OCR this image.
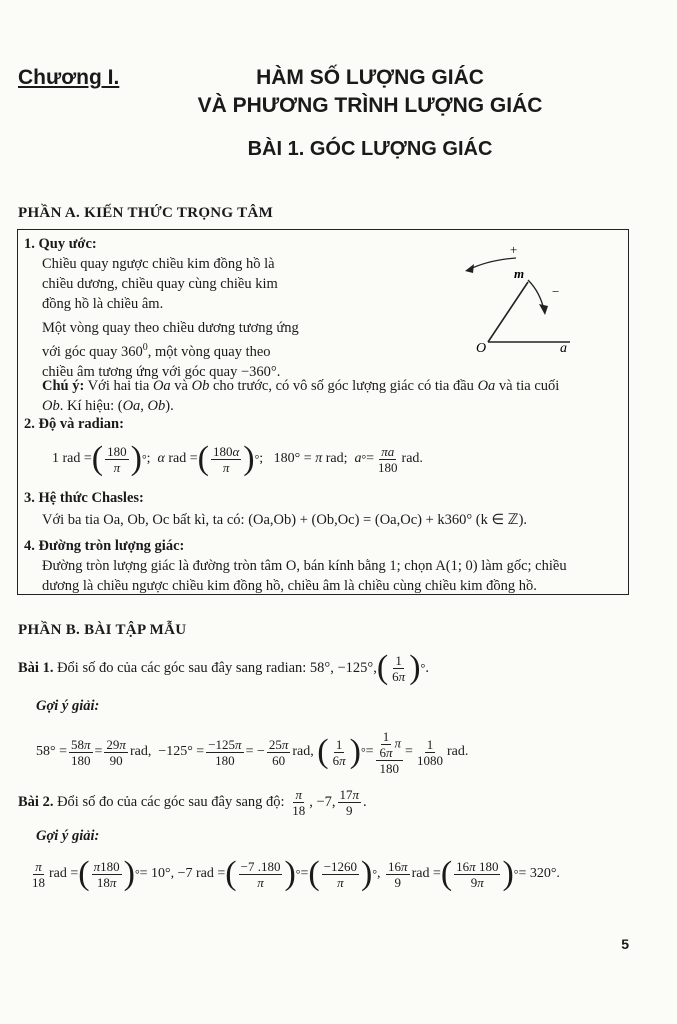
Chương I.	HÀM SỐ LƯỢNG GIÁC
VÀ PHƯƠNG TRÌNH LƯỢNG GIÁC
BÀI 1. GÓC LƯỢNG GIÁC
PHẦN A. KIẾN THỨC TRỌNG TÂM
1. Quy ước:
Chiều quay ngược chiều kim đồng hồ là
chiều dương, chiều quay cùng chiều kim
đồng hồ là chiều âm.
Một vòng quay theo chiều dương tương ứng
với góc quay $360^0$, một vòng quay theo
chiều âm tương ứng với góc quay −360°.
+
−
m
O	a
Chú ý: Với hai tia Oa và Ob cho trước, có vô số góc lượng giác có tia đầu Oa và tia cuối
Ob. Kí hiệu: (Oa, Ob).
2. Độ và radian:
1 rad = ( $\frac{180}{\pi}$ ) ° ; α rad = ( $\frac{180\alpha}{\pi}$ ) ° ;   180° = π rad; a ° = $\frac{\pi a}{180}$ rad.
3. Hệ thức Chasles:
Với ba tia Oa, Ob, Oc bất kì, ta có: (Oa,Ob) + (Ob,Oc) = (Oa,Oc) + k360° (k ∈ ℤ).
4. Đường tròn lượng giác:
Đường tròn lượng giác là đường tròn tâm O, bán kính bằng 1; chọn A(1; 0) làm gốc; chiều
dương là chiều ngược chiều kim đồng hồ, chiều âm là chiều cùng chiều kim đồng hồ.
PHẦN B. BÀI TẬP MẪU
Bài 1.
Đổi số đo của các góc sau đây sang radian: 58°, −125°, ( $\frac{1}{6\pi}$ ) ° .
Gợi ý giải:
$58^\circ = \frac{58\pi}{180} = \frac{29\pi}{90}$ rad,  $-125^\circ = \frac{-125\pi}{180}$ = − $\frac{25\pi}{60}$ rad, ( $\frac{1}{6\pi}$ ) ° = $\frac{\frac{1}{6\pi} \pi}{180} = \frac{1}{1080}$ rad.
Bài 2.
Đổi số đo của các góc sau đây sang độ:
$\frac{\pi}{18}$ , −7, $\frac{17\pi}{9}$ .
Gợi ý giải:
$\frac{\pi}{18}$ rad = ( $\frac{\pi 180}{18\pi}$ ) ° = 10°, −7 rad = ( $\frac{-7 .180}{\pi}$ ) ° = ( $\frac{-1260}{\pi}$ ) ° , $\frac{16\pi}{9}$ rad = ( $\frac{16\pi 180}{9\pi}$ ) ° = 320°.
5
